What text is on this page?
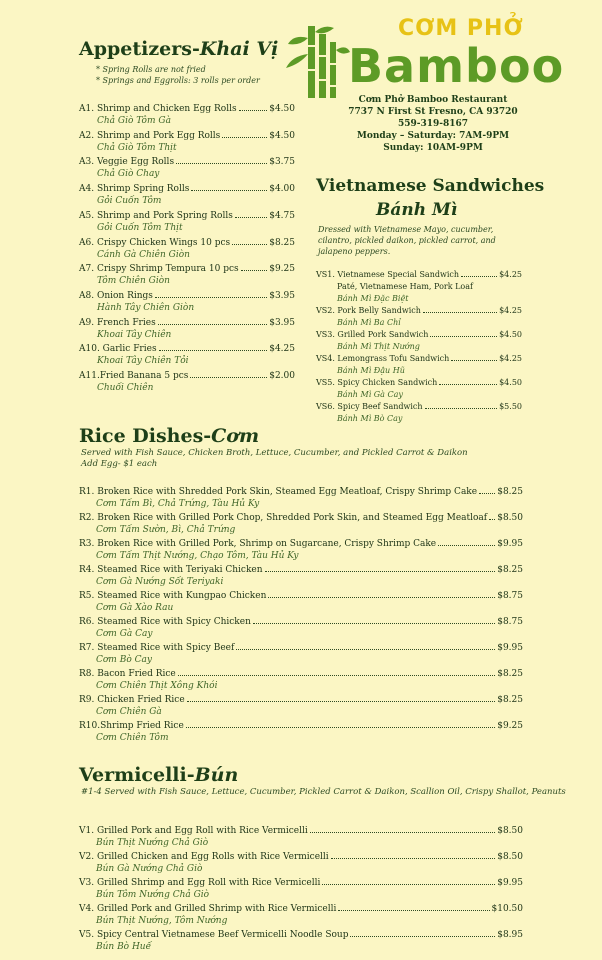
Appetizers-Khai Vị
* Spring Rolls are not fried
* Springs and Eggrolls: 3 rolls per order
A1. Shrimp and Chicken Egg Rolls	$4.50
Chả Giò Tôm Gà
A2. Shrimp and Pork Egg Rolls	$4.50
Chả Giò Tôm Thịt
A3. Veggie Egg Rolls	$3.75
Chả Giò Chay
A4. Shrimp Spring Rolls	$4.00
Gỏi Cuốn Tôm
A5. Shrimp and Pork Spring Rolls	$4.75
Gỏi Cuốn Tôm Thịt
A6. Crispy Chicken Wings 10 pcs	$8.25
Cánh Gà Chiên Giòn
A7. Crispy Shrimp Tempura 10 pcs	$9.25
Tôm Chiên Giòn
A8. Onion Rings	$3.95
Hành Tây Chiên Giòn
A9. French Fries	$3.95
Khoai Tây Chiên
A10. Garlic Fries	$4.25
Khoai Tây Chiên Tỏi
A11.Fried Banana 5 pcs	$2.00
Chuối Chiên
CƠM PHỞ
Bamboo
Cơm Phở Bamboo Restaurant
7737 N First St Fresno, CA 93720
559-319-8167
Monday – Saturday: 7AM-9PM
Sunday: 10AM-9PM
Vietnamese Sandwiches
Bánh Mì
Dressed with Vietnamese Mayo, cucumber, cilantro, pickled daikon, pickled carrot, and jalapeno peppers.
VS1. Vietnamese Special Sandwich	$4.25
Paté, Vietnamese Ham, Pork Loaf
Bánh Mì Đặc Biệt
VS2. Pork Belly Sandwich	$4.25
Bánh Mì Ba Chỉ
VS3. Grilled Pork Sandwich	$4.50
Bánh Mì Thịt Nướng
VS4. Lemongrass Tofu Sandwich	$4.25
Bánh Mì Đậu Hũ
VS5. Spicy Chicken Sandwich	$4.50
Bánh Mì Gà Cay
VS6. Spicy Beef Sandwich	$5.50
Bánh Mì Bò Cay
Rice Dishes-Cơm
Served with Fish Sauce, Chicken Broth, Lettuce, Cucumber, and Pickled Carrot & Daikon
Add Egg- $1 each
R1. Broken Rice with Shredded Pork Skin, Steamed Egg Meatloaf, Crispy Shrimp Cake $8.25
Cơm Tấm Bì, Chả Trứng, Tàu Hủ Ky
R2. Broken Rice with Grilled Pork Chop, Shredded Pork Skin, and Steamed Egg Meatloaf $8.50
Cơm Tấm Sườn, Bì, Chả Trứng
R3. Broken Rice with Grilled Pork, Shrimp on Sugarcane, Crispy Shrimp Cake	$9.95
Cơm Tấm Thịt Nướng, Chạo Tôm, Tàu Hủ Ky
R4. Steamed Rice with Teriyaki Chicken	$8.25
Cơm Gà Nướng Sốt Teriyaki
R5. Steamed Rice with Kungpao Chicken	$8.75
Cơm Gà Xào Rau
R6. Steamed Rice with Spicy Chicken	$8.75
Cơm Gà Cay
R7. Steamed Rice with Spicy Beef	$9.95
Cơm Bò Cay
R8. Bacon Fried Rice	$8.25
Cơm Chiên Thịt Xông Khói
R9. Chicken Fried Rice	$8.25
Cơm Chiên Gà
R10.Shrimp Fried Rice	$9.25
Cơm Chiên Tôm
Vermicelli-Bún
#1-4 Served with Fish Sauce, Lettuce, Cucumber, Pickled Carrot & Daikon, Scallion Oil, Crispy Shallot, Peanuts
V1. Grilled Pork and Egg Roll with Rice Vermicelli	$8.50
Bún Thịt Nướng Chả Giò
V2. Grilled Chicken and Egg Rolls with Rice Vermicelli	$8.50
Bún Gà Nướng Chả Giò
V3. Grilled Shrimp and Egg Roll with Rice Vermicelli	$9.95
Bún Tôm Nướng Chả Giò
V4. Grilled Pork and Grilled Shrimp with Rice Vermicelli	$10.50
Bún Thịt Nướng, Tôm Nướng
V5. Spicy Central Vietnamese Beef Vermicelli Noodle Soup	$8.95
Bún Bò Huế
